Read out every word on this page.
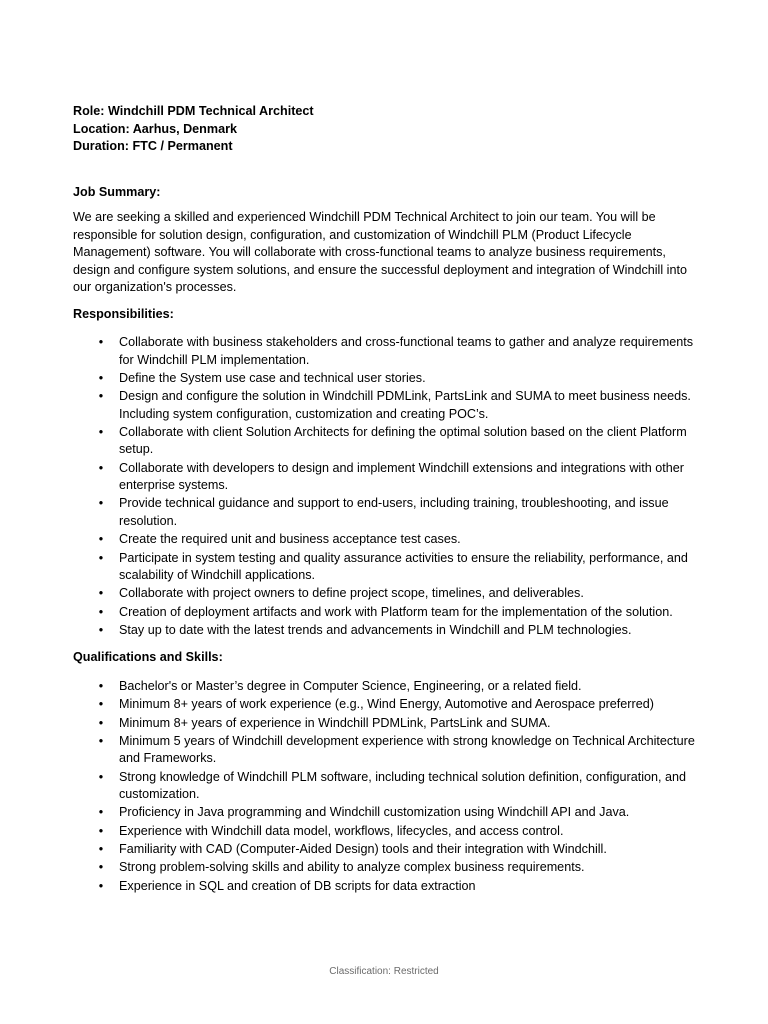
Role: Windchill PDM Technical Architect
Location: Aarhus, Denmark
Duration: FTC / Permanent
Job Summary:

We are seeking a skilled and experienced Windchill PDM Technical Architect to join our team. You will be responsible for solution design, configuration, and customization of Windchill PLM (Product Lifecycle Management) software. You will collaborate with cross-functional teams to analyze business requirements, design and configure system solutions, and ensure the successful deployment and integration of Windchill into our organization's processes.

Responsibilities:
• Collaborate with business stakeholders and cross-functional teams to gather and analyze requirements for Windchill PLM implementation.
• Define the System use case and technical user stories.
• Design and configure the solution in Windchill PDMLink, PartsLink and SUMA to meet business needs. Including system configuration, customization and creating POC’s.
• Collaborate with client Solution Architects for defining the optimal solution based on the client Platform setup.
• Collaborate with developers to design and implement Windchill extensions and integrations with other enterprise systems.
• Provide technical guidance and support to end-users, including training, troubleshooting, and issue resolution.
• Create the required unit and business acceptance test cases.
• Participate in system testing and quality assurance activities to ensure the reliability, performance, and scalability of Windchill applications.
• Collaborate with project owners to define project scope, timelines, and deliverables.
• Creation of deployment artifacts and work with Platform team for the implementation of the solution.
• Stay up to date with the latest trends and advancements in Windchill and PLM technologies.
Qualifications and Skills:
• Bachelor's or Master’s degree in Computer Science, Engineering, or a related field.
• Minimum 8+ years of work experience (e.g., Wind Energy, Automotive and Aerospace preferred)
• Minimum 8+ years of experience in Windchill PDMLink, PartsLink and SUMA.
• Minimum 5 years of Windchill development experience with strong knowledge on Technical Architecture and Frameworks.
• Strong knowledge of Windchill PLM software, including technical solution definition, configuration, and customization.
• Proficiency in Java programming and Windchill customization using Windchill API and Java.
• Experience with Windchill data model, workflows, lifecycles, and access control.
• Familiarity with CAD (Computer-Aided Design) tools and their integration with Windchill.
• Strong problem-solving skills and ability to analyze complex business requirements.
• Experience in SQL and creation of DB scripts for data extraction
Classification: Restricted
